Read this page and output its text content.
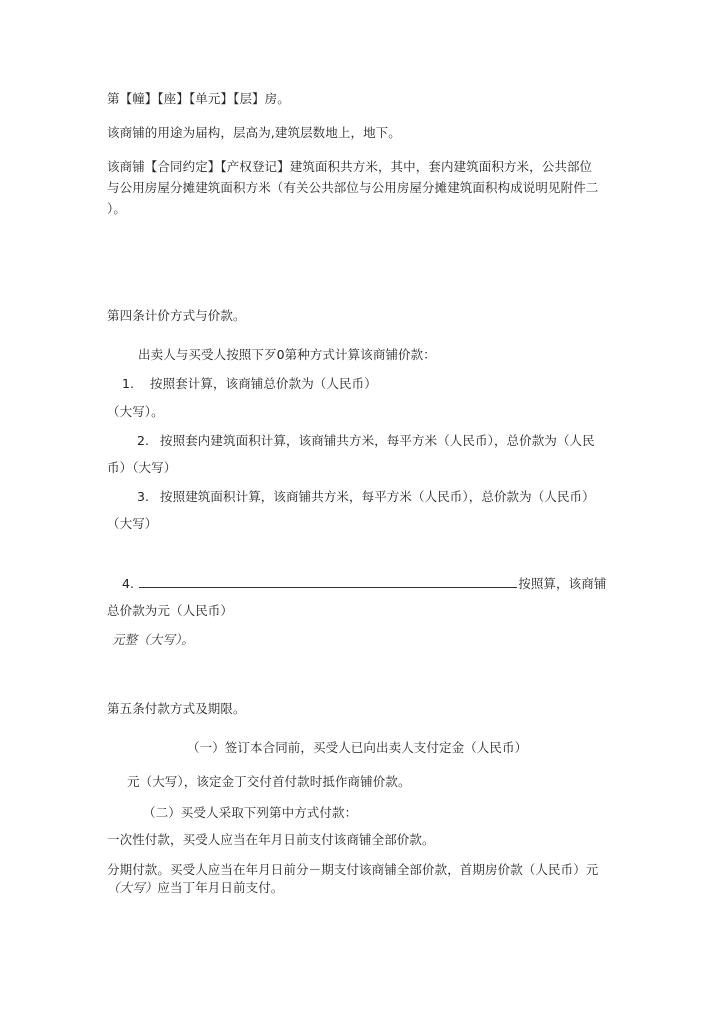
第【幢】【座】【单元】【层】房。
该商铺的用途为届构，层高为,建筑层数地上，地下。
该商铺【合同约定】【产权登记】建筑面积共方米，其中，套内建筑面积方米，公共部位
与公用房屋分摊建筑面积方米（有关公共部位与公用房屋分摊建筑面积构成说明见附件二
）。
第四条计价方式与价款。
出卖人与买受人按照下歹0第种方式计算该商铺价款：
1. 按照套计算，该商铺总价款为（人民币）
（大写）。
2. 按照套内建筑面积计算，该商铺共方米，每平方米（人民币），总价款为（人民
币）（大写）
3. 按照建筑面积计算，该商铺共方米，每平方米（人民币），总价款为（人民币）
（大写）
4.	按照算，该商铺
总价款为元（人民币）
元整（大写）。
第五条付款方式及期限。
（一）签订本合同前，买受人已向出卖人支付定金（人民币）
元（大写），该定金丁交付首付款时抵作商铺价款。
（二）买受人采取下列第中方式付款：
一次性付款，买受人应当在年月日前支付该商铺全部价款。
分期付款。买受人应当在年月日前分－期支付该商铺全部价款，首期房价款（人民币）元
（大写）应当丁年月日前支付。
